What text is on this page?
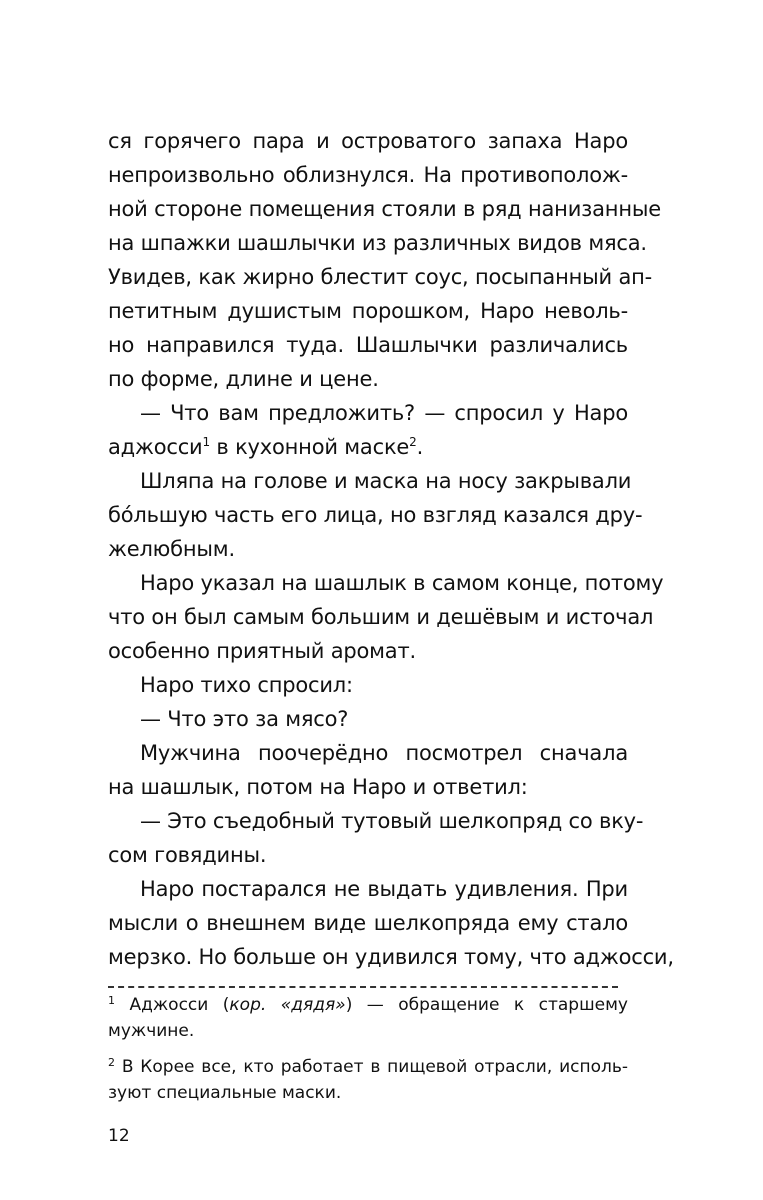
ся горячего пара и островатого запаха Наро
непроизвольно облизнулся. На противополож-
ной стороне помещения стояли в ряд нанизанные
на шпажки шашлычки из различных видов мяса.
Увидев, как жирно блестит соус, посыпанный ап-
петитным душистым порошком, Наро неволь-
но направился туда. Шашлычки различались
по форме, длине и цене.
— Что вам предложить? — спросил у Наро
аджосси$^1$ в кухонной маске$^2$.
Шляпа на голове и маска на носу закрывали
бо́льшую часть его лица, но взгляд казался дру-
желюбным.
Наро указал на шашлык в самом конце, потому
что он был самым большим и дешёвым и источал
особенно приятный аромат.
Наро тихо спросил:
— Что это за мясо?
Мужчина поочерёдно посмотрел сначала
на шашлык, потом на Наро и ответил:
— Это съедобный тутовый шелкопряд со вку-
сом говядины.
Наро постарался не выдать удивления. При
мысли о внешнем виде шелкопряда ему стало
мерзко. Но больше он удивился тому, что аджосси,
$^1$ Аджосси (кор. «дядя») — обращение к старшему
мужчине.
$^2$ В Корее все, кто работает в пищевой отрасли, исполь-
зуют специальные маски.
12
